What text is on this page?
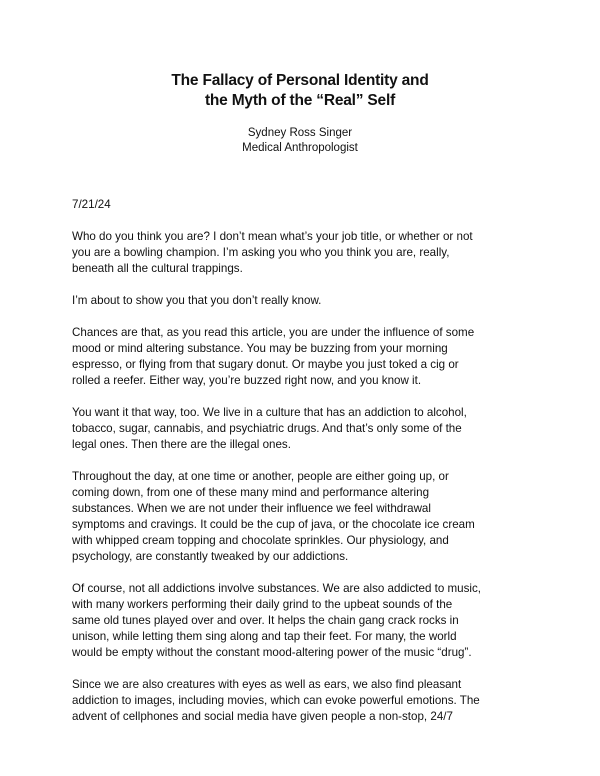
The Fallacy of Personal Identity and
the Myth of the “Real” Self
Sydney Ross Singer
Medical Anthropologist

7/21/24

Who do you think you are? I don’t mean what’s your job title, or whether or not
you are a bowling champion. I’m asking you who you think you are, really,
beneath all the cultural trappings.

I’m about to show you that you don’t really know.

Chances are that, as you read this article, you are under the influence of some
mood or mind altering substance. You may be buzzing from your morning
espresso, or flying from that sugary donut. Or maybe you just toked a cig or
rolled a reefer. Either way, you’re buzzed right now, and you know it.

You want it that way, too. We live in a culture that has an addiction to alcohol,
tobacco, sugar, cannabis, and psychiatric drugs. And that’s only some of the
legal ones. Then there are the illegal ones.

Throughout the day, at one time or another, people are either going up, or
coming down, from one of these many mind and performance altering
substances. When we are not under their influence we feel withdrawal
symptoms and cravings. It could be the cup of java, or the chocolate ice cream
with whipped cream topping and chocolate sprinkles. Our physiology, and
psychology, are constantly tweaked by our addictions.

Of course, not all addictions involve substances. We are also addicted to music,
with many workers performing their daily grind to the upbeat sounds of the
same old tunes played over and over. It helps the chain gang crack rocks in
unison, while letting them sing along and tap their feet. For many, the world
would be empty without the constant mood-altering power of the music “drug”.

Since we are also creatures with eyes as well as ears, we also find pleasant
addiction to images, including movies, which can evoke powerful emotions. The
advent of cellphones and social media have given people a non-stop, 24/7
